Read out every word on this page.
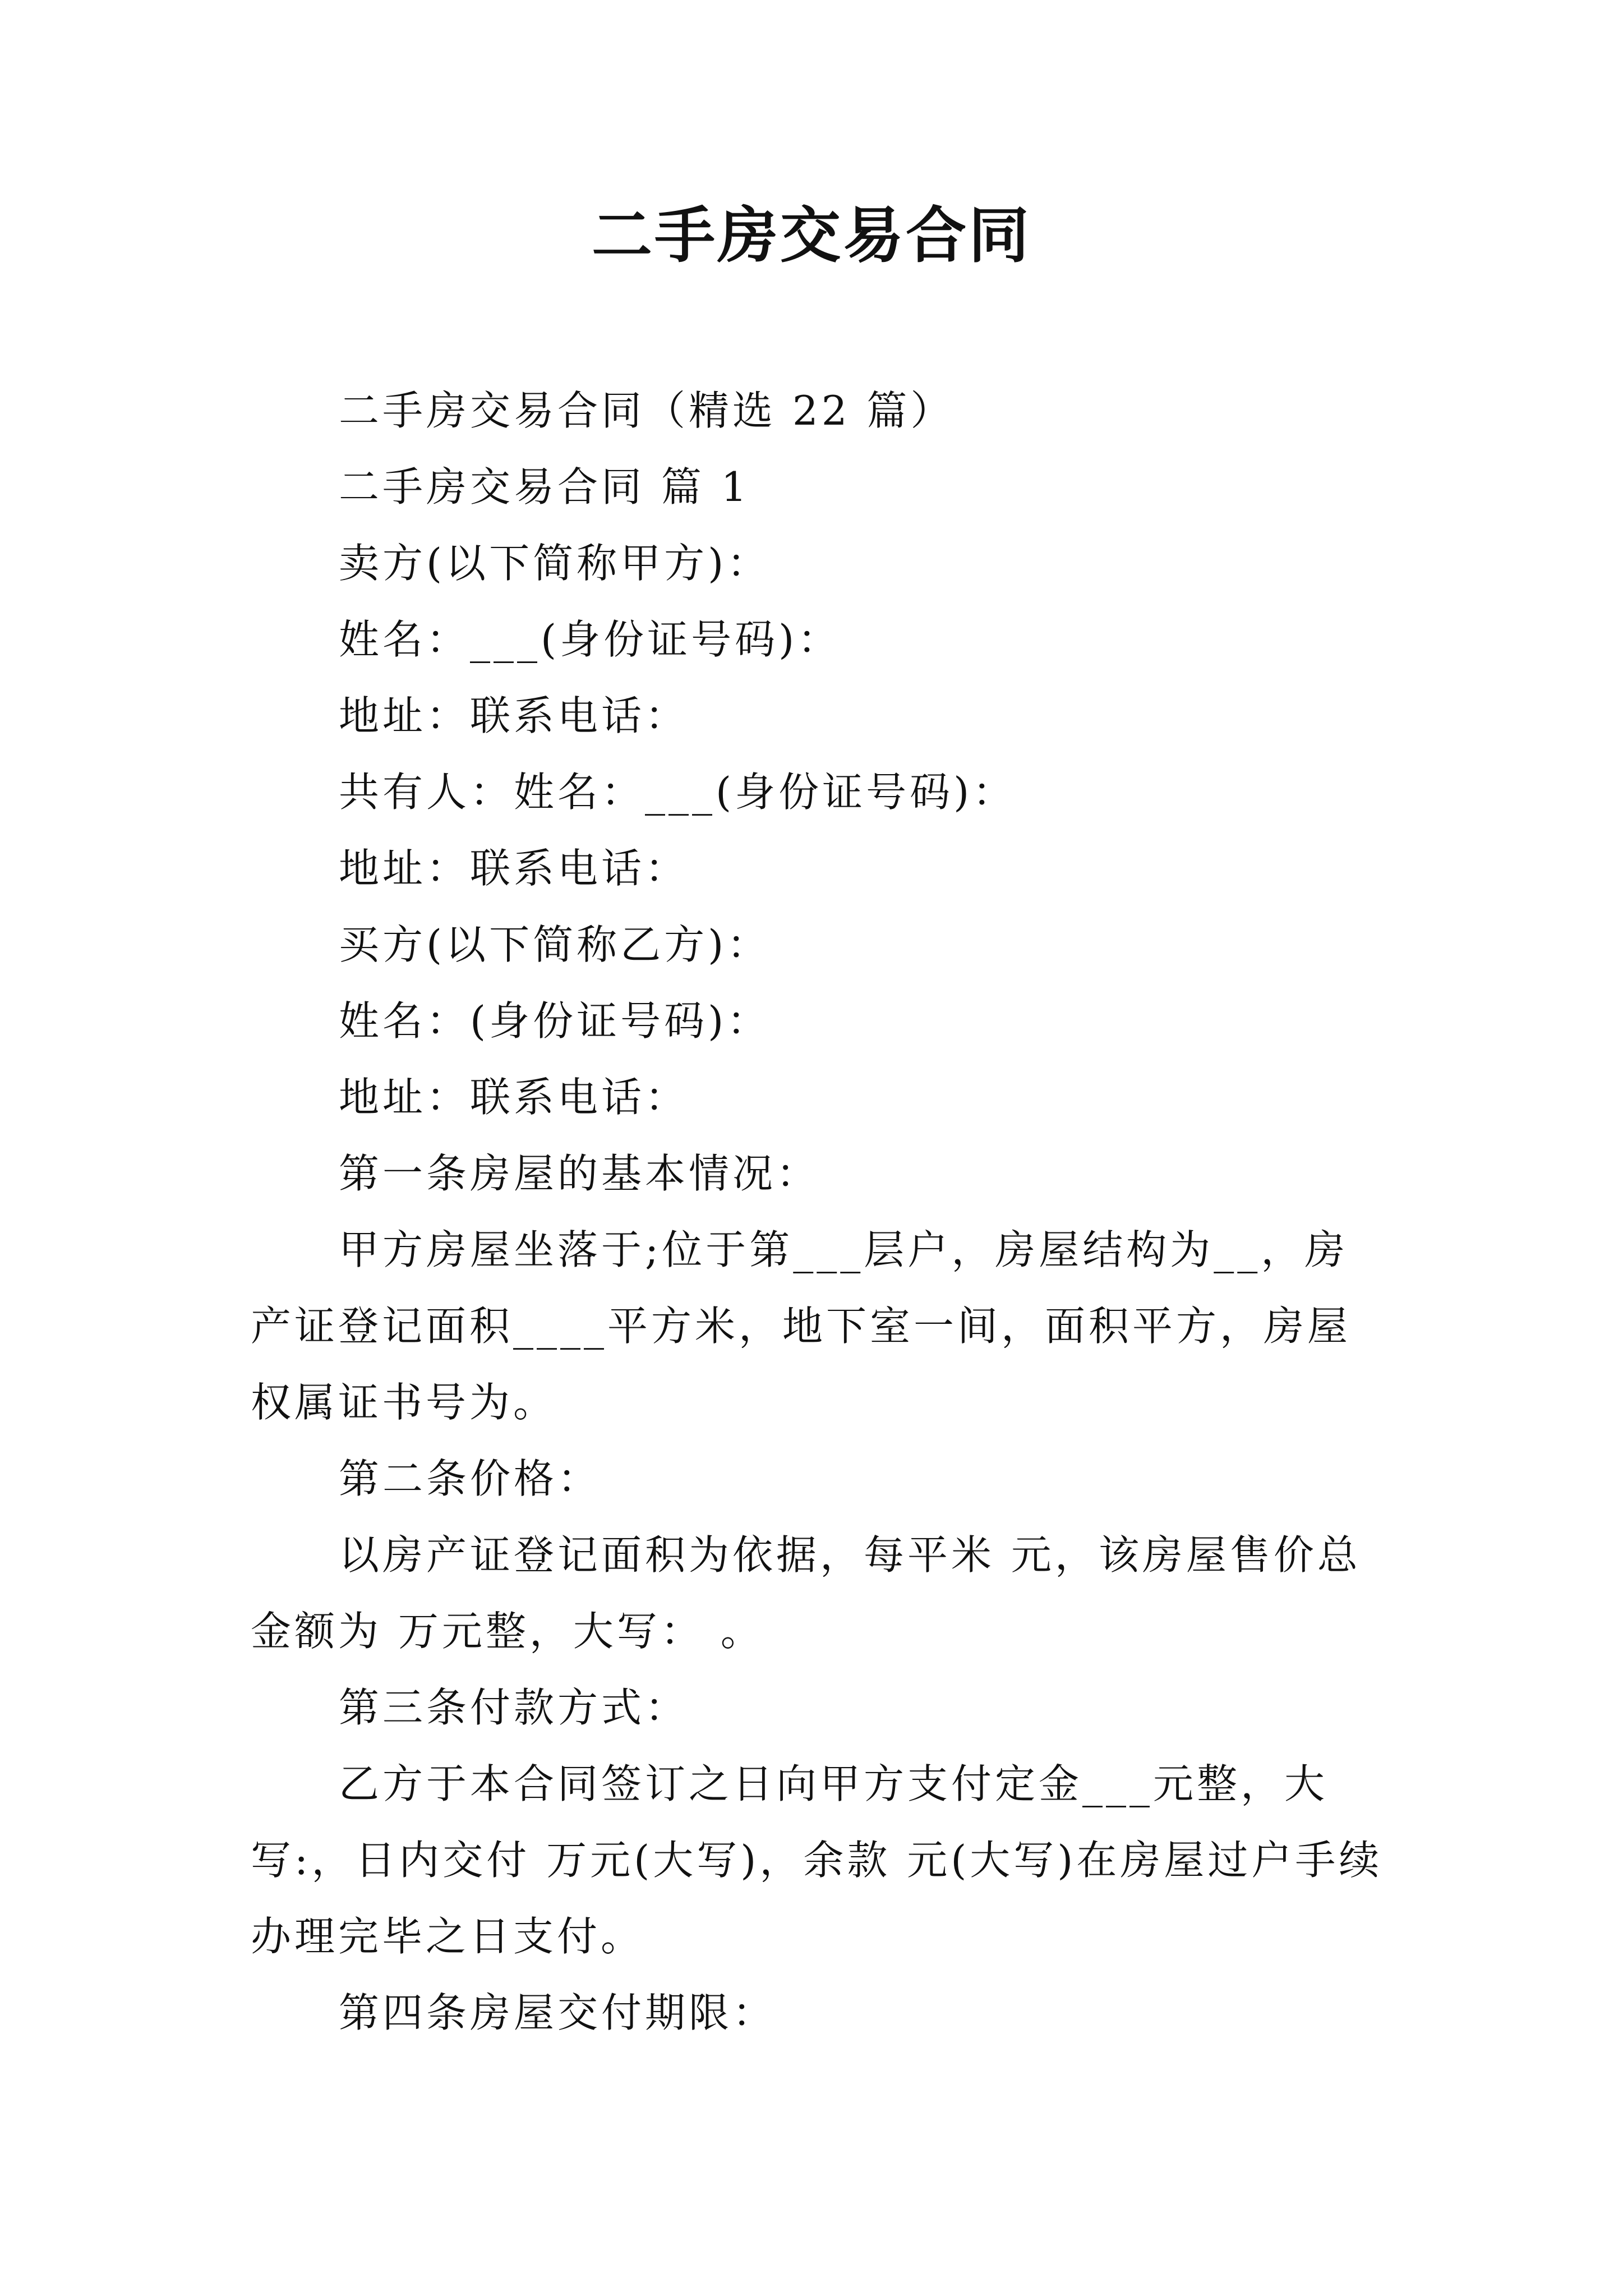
二手房交易合同

二手房交易合同（精选 22 篇）

二手房交易合同 篇 1

卖方(以下简称甲方)：

姓名：___(身份证号码)：

地址：联系电话：

共有人：姓名：___(身份证号码)：

地址：联系电话：

买方(以下简称乙方)：

姓名：(身份证号码)：

地址：联系电话：

第一条房屋的基本情况：

甲方房屋坐落于;位于第___层户，房屋结构为__，房产证登记面积____平方米，地下室一间，面积平方，房屋权属证书号为。

第二条价格：

以房产证登记面积为依据，每平米 元，该房屋售价总金额为 万元整，大写： 。

第三条付款方式：

乙方于本合同签订之日向甲方支付定金___元整，大写:，日内交付 万元(大写)，余款 元(大写)在房屋过户手续办理完毕之日支付。

第四条房屋交付期限：
